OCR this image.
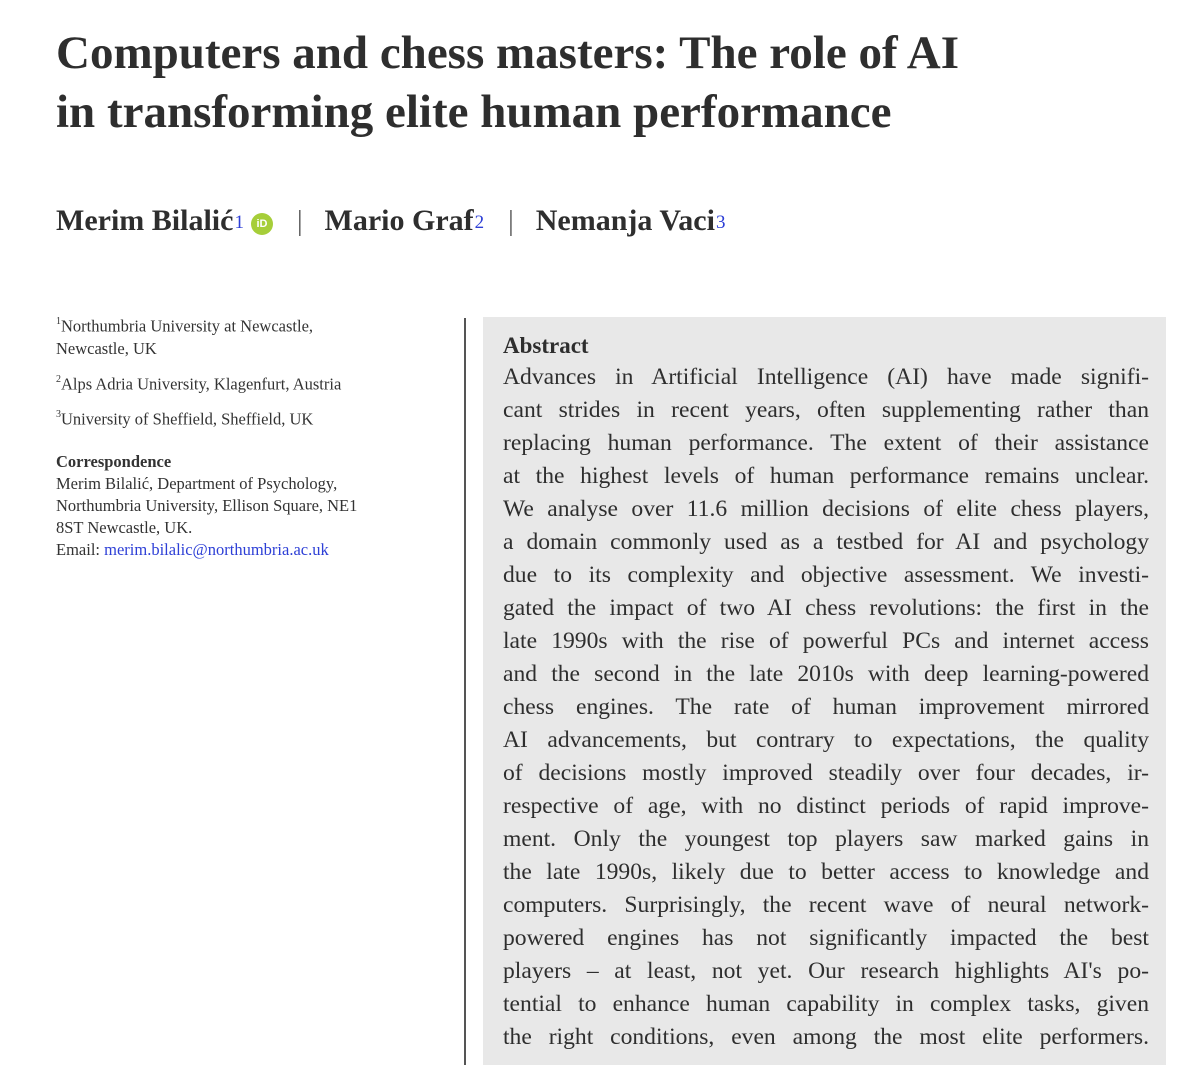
Computers and chess masters: The role of AI
in transforming elite human performance
Merim Bilalić$^1$	iD | Mario Graf$^2$ | Nemanja Vaci$^3$
$^1$Northumbria University at Newcastle,
Newcastle, UK
$^2$Alps Adria University, Klagenfurt, Austria
$^3$University of Sheffield, Sheffield, UK
Correspondence
Merim Bilalić, Department of Psychology,
Northumbria University, Ellison Square, NE1
8ST Newcastle, UK.
Email: merim.bilalic@northumbria.ac.uk
Abstract
Advances in Artificial Intelligence (AI) have made signifi-
cant strides in recent years, often supplementing rather than
replacing human performance. The extent of their assistance
at the highest levels of human performance remains unclear.
We analyse over 11.6 million decisions of elite chess players,
a domain commonly used as a testbed for AI and psychology
due to its complexity and objective assessment. We investi-
gated the impact of two AI chess revolutions: the first in the
late 1990s with the rise of powerful PCs and internet access
and the second in the late 2010s with deep learning-powered
chess engines. The rate of human improvement mirrored
AI advancements, but contrary to expectations, the quality
of decisions mostly improved steadily over four decades, ir-
respective of age, with no distinct periods of rapid improve-
ment. Only the youngest top players saw marked gains in
the late 1990s, likely due to better access to knowledge and
computers. Surprisingly, the recent wave of neural network-
powered engines has not significantly impacted the best
players – at least, not yet. Our research highlights AI's po-
tential to enhance human capability in complex tasks, given
the right conditions, even among the most elite performers.
